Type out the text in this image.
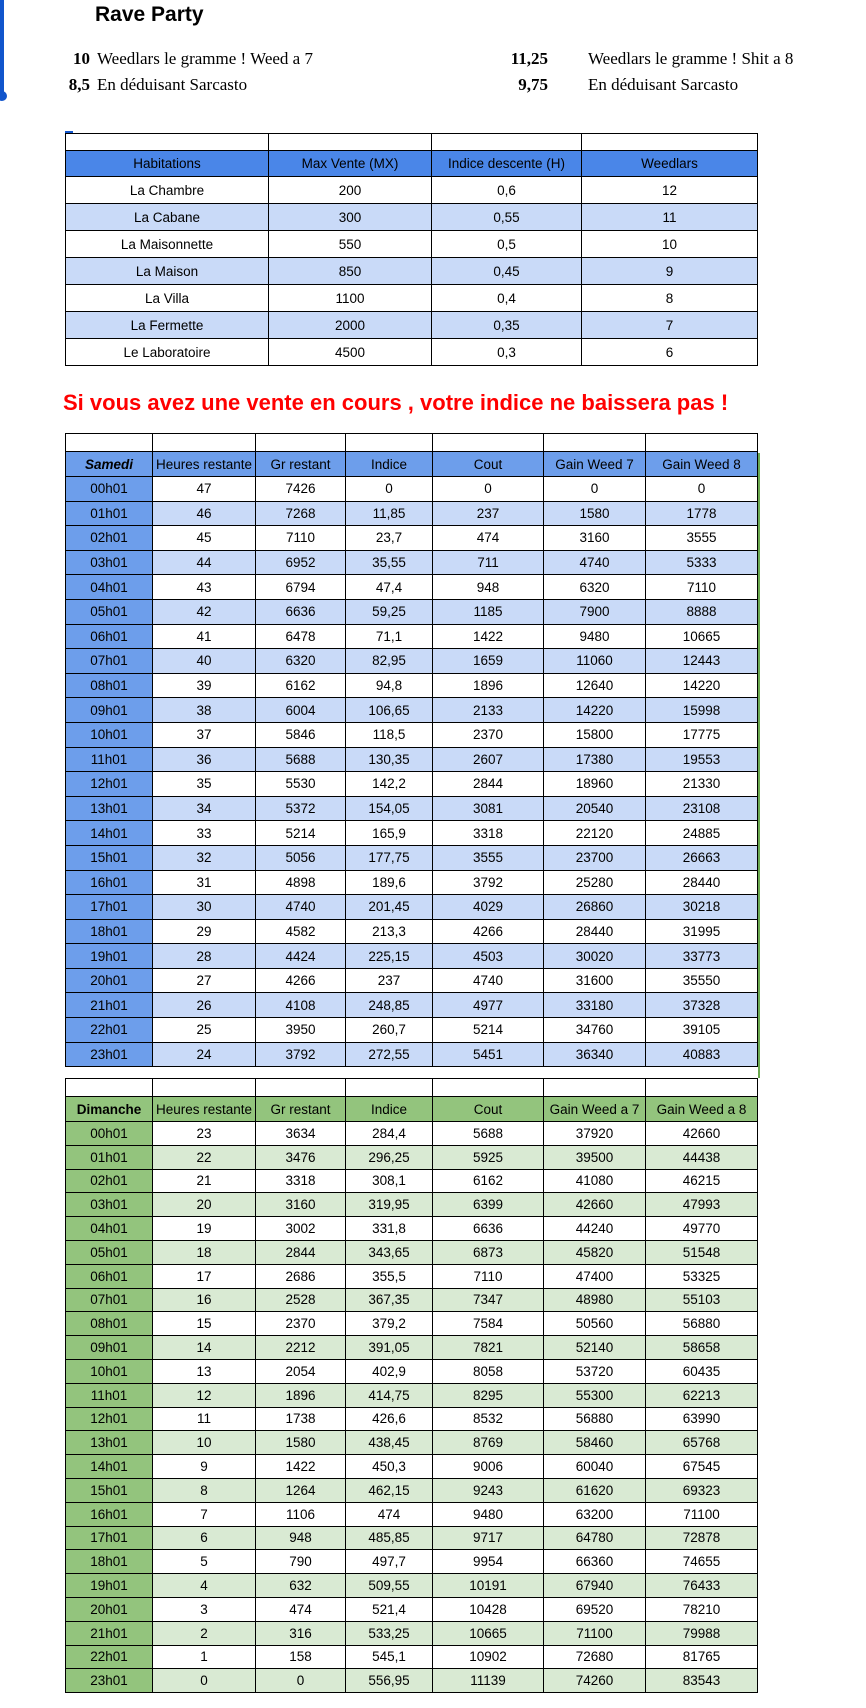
Rave Party
10 Weedlars le gramme ! Weed a 7
8,5 En déduisant Sarcasto
11,25 Weedlars le gramme ! Shit a 8
9,75 En déduisant Sarcasto

Habitations	Max Vente (MX)	Indice descente (H)	Weedlars
La Chambre	200	0,6	12
La Cabane	300	0,55	11
La Maisonnette	550	0,5	10
La Maison	850	0,45	9
La Villa	1100	0,4	8
La Fermette	2000	0,35	7
Le Laboratoire	4500	0,3	6
Si vous avez une vente en cours , votre indice ne baissera pas !

Samedi	Heures restante	Gr restant	Indice	Cout	Gain Weed 7	Gain Weed 8
00h01	47	7426	0	0	0	0
01h01	46	7268	11,85	237	1580	1778
02h01	45	7110	23,7	474	3160	3555
03h01	44	6952	35,55	711	4740	5333
04h01	43	6794	47,4	948	6320	7110
05h01	42	6636	59,25	1185	7900	8888
06h01	41	6478	71,1	1422	9480	10665
07h01	40	6320	82,95	1659	11060	12443
08h01	39	6162	94,8	1896	12640	14220
09h01	38	6004	106,65	2133	14220	15998
10h01	37	5846	118,5	2370	15800	17775
11h01	36	5688	130,35	2607	17380	19553
12h01	35	5530	142,2	2844	18960	21330
13h01	34	5372	154,05	3081	20540	23108
14h01	33	5214	165,9	3318	22120	24885
15h01	32	5056	177,75	3555	23700	26663
16h01	31	4898	189,6	3792	25280	28440
17h01	30	4740	201,45	4029	26860	30218
18h01	29	4582	213,3	4266	28440	31995
19h01	28	4424	225,15	4503	30020	33773
20h01	27	4266	237	4740	31600	35550
21h01	26	4108	248,85	4977	33180	37328
22h01	25	3950	260,7	5214	34760	39105
23h01	24	3792	272,55	5451	36340	40883

Dimanche	Heures restante	Gr restant	Indice	Cout	Gain Weed a 7	Gain Weed a 8
00h01	23	3634	284,4	5688	37920	42660
01h01	22	3476	296,25	5925	39500	44438
02h01	21	3318	308,1	6162	41080	46215
03h01	20	3160	319,95	6399	42660	47993
04h01	19	3002	331,8	6636	44240	49770
05h01	18	2844	343,65	6873	45820	51548
06h01	17	2686	355,5	7110	47400	53325
07h01	16	2528	367,35	7347	48980	55103
08h01	15	2370	379,2	7584	50560	56880
09h01	14	2212	391,05	7821	52140	58658
10h01	13	2054	402,9	8058	53720	60435
11h01	12	1896	414,75	8295	55300	62213
12h01	11	1738	426,6	8532	56880	63990
13h01	10	1580	438,45	8769	58460	65768
14h01	9	1422	450,3	9006	60040	67545
15h01	8	1264	462,15	9243	61620	69323
16h01	7	1106	474	9480	63200	71100
17h01	6	948	485,85	9717	64780	72878
18h01	5	790	497,7	9954	66360	74655
19h01	4	632	509,55	10191	67940	76433
20h01	3	474	521,4	10428	69520	78210
21h01	2	316	533,25	10665	71100	79988
22h01	1	158	545,1	10902	72680	81765
23h01	0	0	556,95	11139	74260	83543
